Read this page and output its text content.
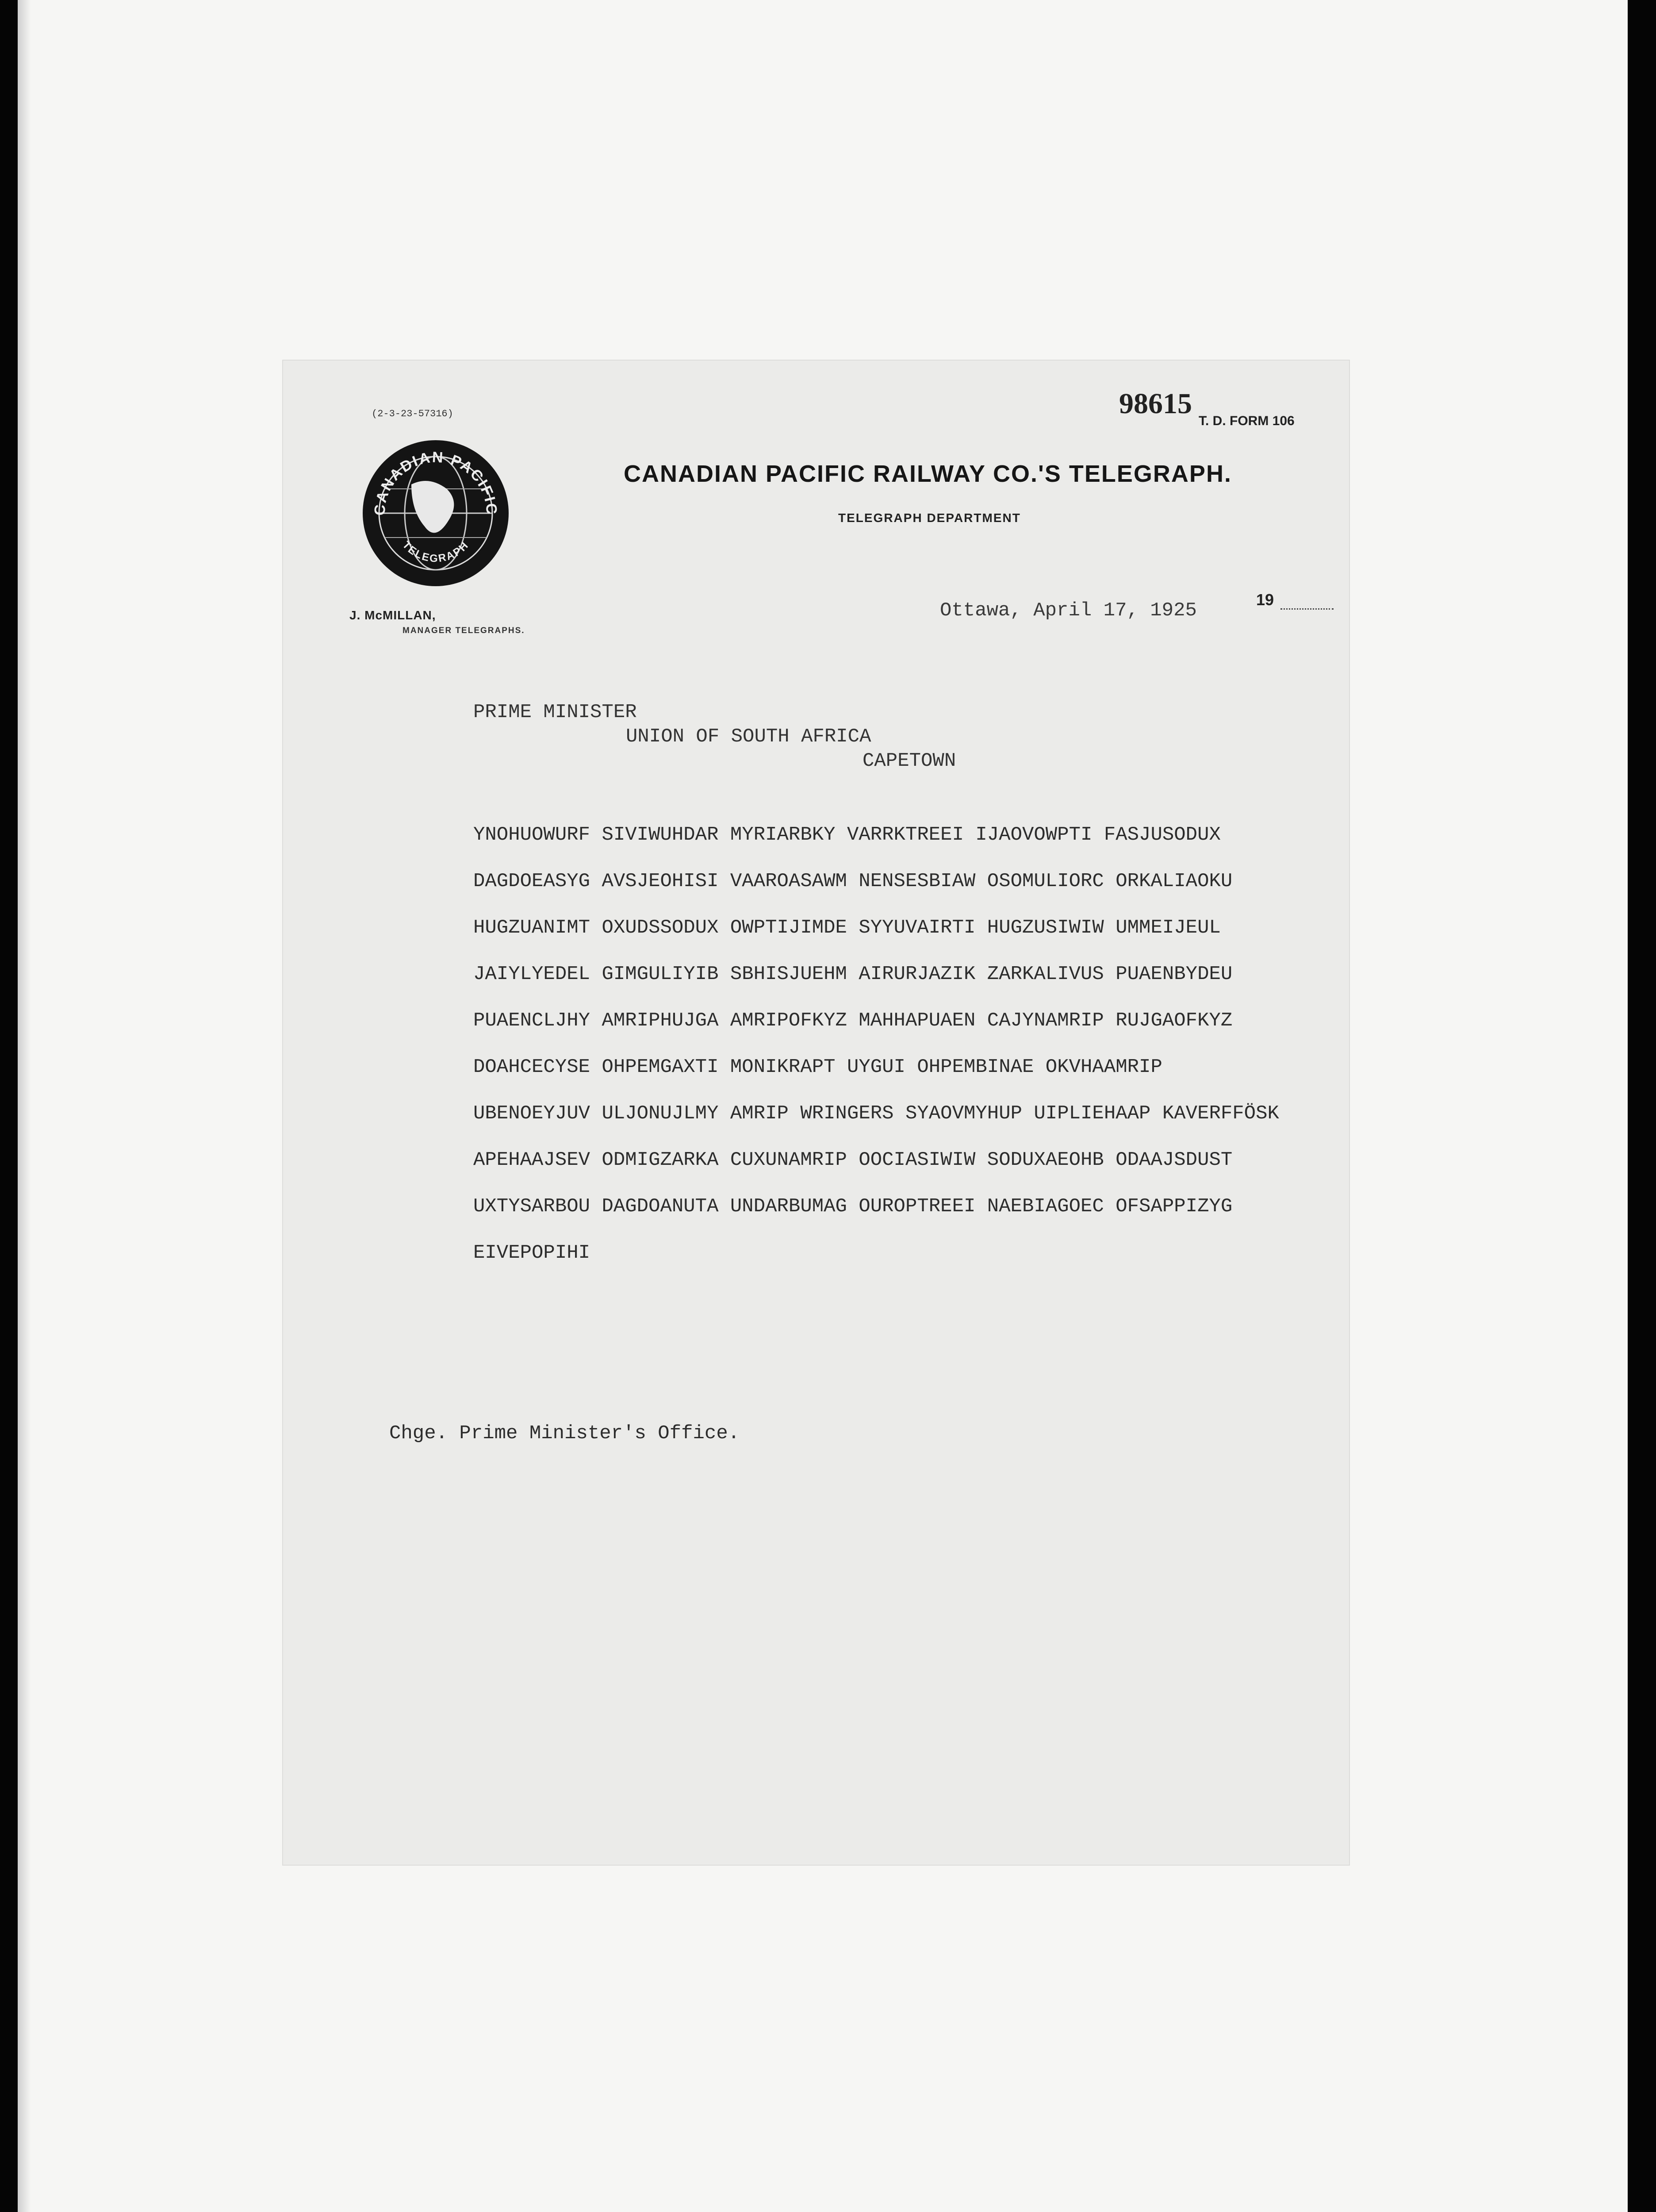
(2-3-23-57316)	98615
T. D. FORM 106
CANADIAN PACIFIC
TELEGRAPH
CANADIAN PACIFIC RAILWAY CO.'S TELEGRAPH.
TELEGRAPH DEPARTMENT
J. McMILLAN,
MANAGER TELEGRAPHS.
Ottawa, April 17, 1925	19
PRIME MINISTER
UNION OF SOUTH AFRICA
CAPETOWN
YNOHUOWURF SIVIWUHDAR MYRIARBKY VARRKTREEI IJAOVOWPTI FASJUSODUX
DAGDOEASYG AVSJEOHISI VAAROASAWM NENSESBIAW OSOMULIORC ORKALIAOKU
HUGZUANIMT OXUDSSODUX OWPTIJIMDE SYYUVAIRTI HUGZUSIWIW UMMEIJEUL
JAIYLYEDEL GIMGULIYIB SBHISJUEHM AIRURJAZIK ZARKALIVUS PUAENBYDEU
PUAENCLJHY AMRIPHUJGA AMRIPOFKYZ MAHHAPUAEN CAJYNAMRIP RUJGAOFKYZ
DOAHCECYSE OHPEMGAXTI MONIKRAPT UYGUI OHPEMBINAE OKVHAAMRIP
UBENOEYJUV ULJONUJLMY AMRIP WRINGERS SYAOVMYHUP UIPLIEHAAP KAVERFFÖSK
APEHAAJSEV ODMIGZARKA CUXUNAMRIP OOCIASIWIW SODUXAEOHB ODAAJSDUST
UXTYSARBOU DAGDOANUTA UNDARBUMAG OUROPTREEI NAEBIAGOEC OFSAPPIZYG
EIVEPOPIHI
Chge. Prime Minister's Office.
